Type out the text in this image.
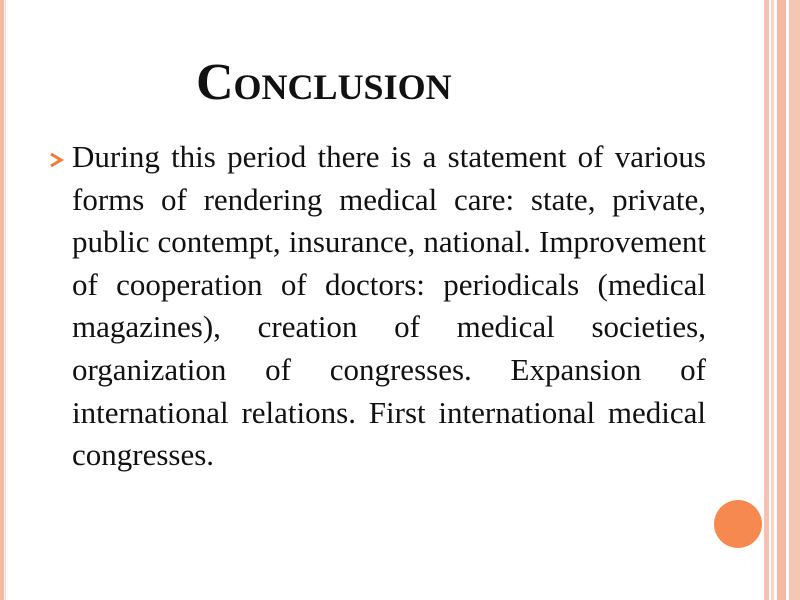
Conclusion

During this period there is a statement of various forms of rendering medical care: state, private, public contempt, insurance, national. Improvement of cooperation of doctors: periodicals (medical magazines), creation of medical societies, organization of congresses. Expansion of international relations. First international medical congresses.
